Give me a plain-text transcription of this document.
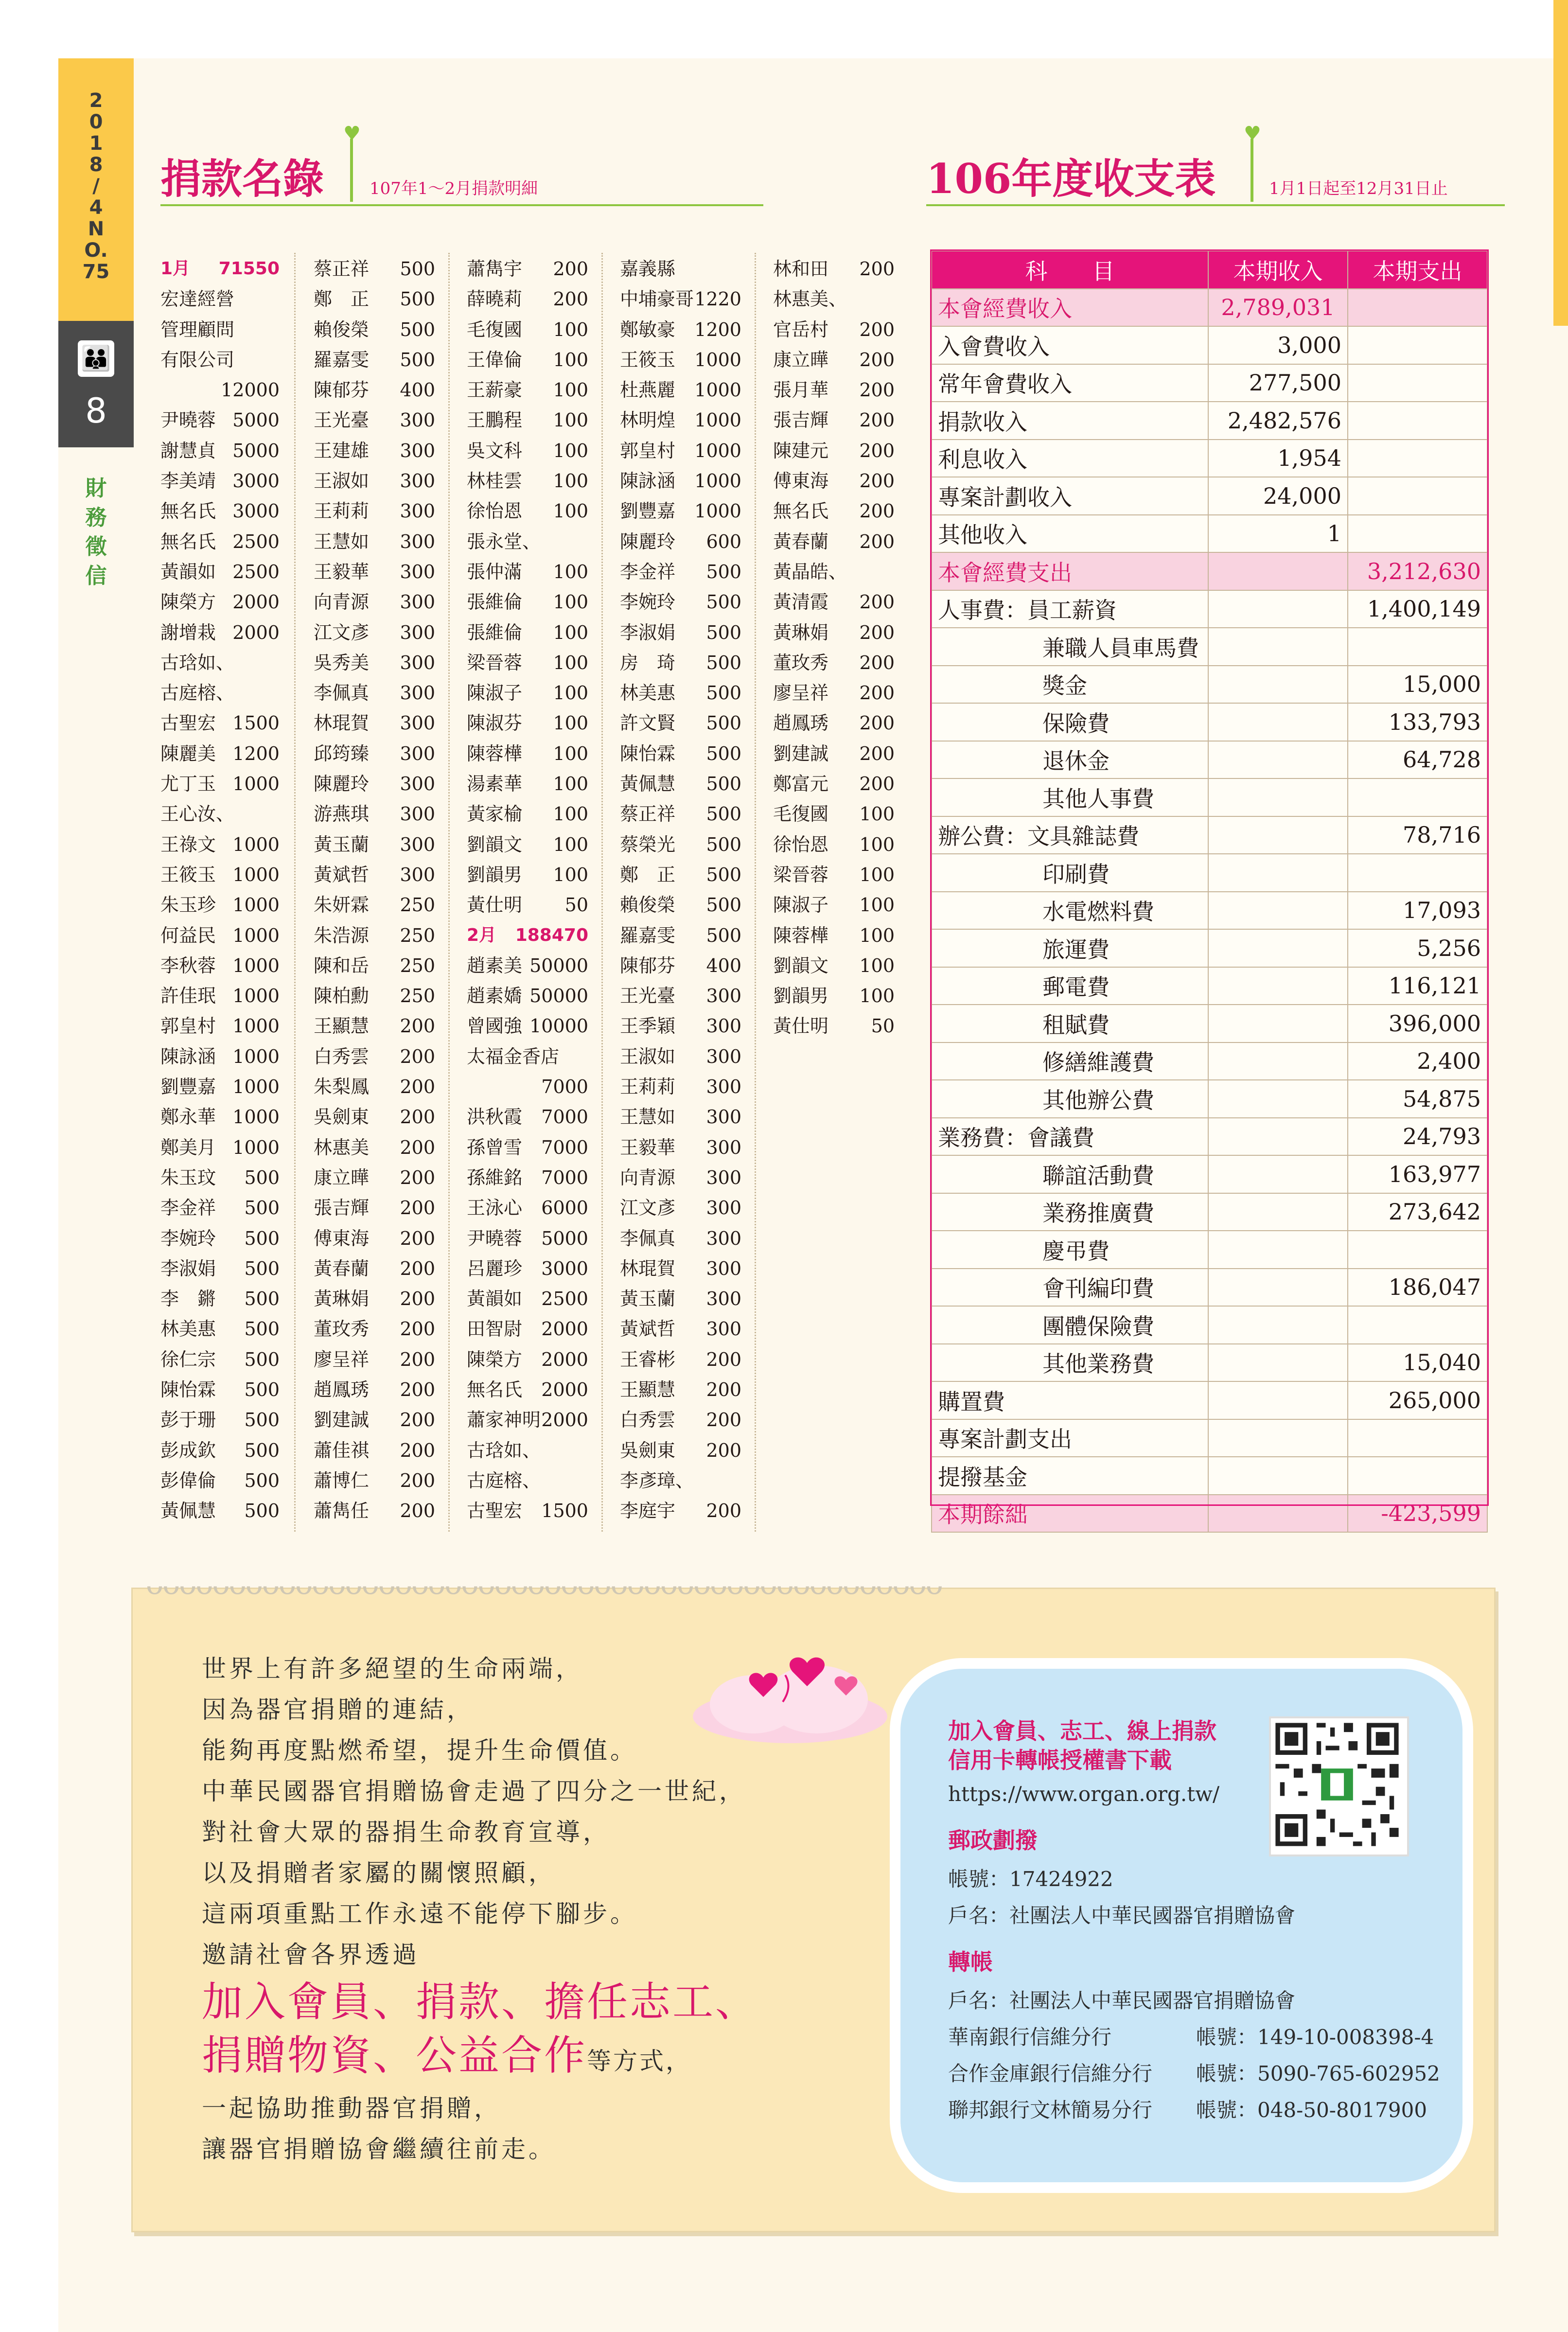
2
0
1
8
/
4
N
O.
75
👪
8
財
務
徵
信
捐款名錄
♥
107年1～2月捐款明細	106年度收支表
♥
1月1日起至12月31日止
1月 71550
宏達經營
管理顧問
有限公司
12000
尹曉蓉 5000
謝慧貞 5000
李美靖 3000
無名氏 3000
無名氏 2500
黃韻如 2500
陳榮方 2000
謝增栽 2000
古琀如、
古庭榕、
古聖宏 1500
陳麗美 1200
尤丁玉 1000
王心汝、
王祿文 1000
王筱玉 1000
朱玉珍 1000
何益民 1000
李秋蓉 1000
許佳珉 1000
郭皇村 1000
陳詠涵 1000
劉豐嘉 1000
鄭永華 1000
鄭美月 1000
朱玉玟 500
李金祥 500
李婉玲 500
李淑娟 500
李　鏘 500
林美惠 500
徐仁宗 500
陳怡霖 500
彭于珊 500
彭成欽 500
彭偉倫 500
黃佩慧 500
蔡正祥 500
鄭　正 500
賴俊榮 500
羅嘉雯 500
陳郁芬 400
王光臺 300
王建雄 300
王淑如 300
王莉莉 300
王慧如 300
王毅華 300
向青源 300
江文彥 300
吳秀美 300
李佩真 300
林琨賀 300
邱筠臻 300
陳麗玲 300
游燕琪 300
黃玉蘭 300
黃斌哲 300
朱妍霖 250
朱浩源 250
陳和岳 250
陳柏勳 250
王顯慧 200
白秀雲 200
朱梨鳳 200
吳劍東 200
林惠美 200
康立曄 200
張吉輝 200
傅東海 200
黃春蘭 200
黃琳娟 200
董玫秀 200
廖呈祥 200
趙鳳琇 200
劉建誠 200
蕭佳祺 200
蕭博仁 200
蕭雋任 200
蕭雋宇 200
薛曉莉 200
毛復國 100
王偉倫 100
王薪豪 100
王鵬程 100
吳文科 100
林桂雲 100
徐怡恩 100
張永堂、
張仲滿 100
張維倫 100
張維倫 100
梁晉蓉 100
陳淑子 100
陳淑芬 100
陳蓉樺 100
湯素華 100
黃家榆 100
劉韻文 100
劉韻男 100
黃仕明 50
2月 188470
趙素美 50000
趙素嬌 50000
曾國強 10000
太福金香店
7000
洪秋霞 7000
孫曾雪 7000
孫維銘 7000
王泳心 6000
尹曉蓉 5000
呂麗珍 3000
黃韻如 2500
田智尉 2000
陳榮方 2000
無名氏 2000
蕭家神明 2000
古琀如、
古庭榕、
古聖宏 1500
嘉義縣
中埔豪哥 1220
鄭敏豪 1200
王筱玉 1000
杜燕麗 1000
林明煌 1000
郭皇村 1000
陳詠涵 1000
劉豐嘉 1000
陳麗玲 600
李金祥 500
李婉玲 500
李淑娟 500
房　琦 500
林美惠 500
許文賢 500
陳怡霖 500
黃佩慧 500
蔡正祥 500
蔡榮光 500
鄭　正 500
賴俊榮 500
羅嘉雯 500
陳郁芬 400
王光臺 300
王季穎 300
王淑如 300
王莉莉 300
王慧如 300
王毅華 300
向青源 300
江文彥 300
李佩真 300
林琨賀 300
黃玉蘭 300
黃斌哲 300
王睿彬 200
王顯慧 200
白秀雲 200
吳劍東 200
李彥璋、
李庭宇 200
林和田 200
林惠美、
官岳村 200
康立曄 200
張月華 200
張吉輝 200
陳建元 200
傅東海 200
無名氏 200
黃春蘭 200
黃晶皓、
黃清霞 200
黃琳娟 200
董玫秀 200
廖呈祥 200
趙鳳琇 200
劉建誠 200
鄭富元 200
毛復國 100
徐怡恩 100
梁晉蓉 100
陳淑子 100
陳蓉樺 100
劉韻文 100
劉韻男 100
黃仕明 50
科　　目	本期收入	本期支出
本會經費收入	2,789,031	
入會費收入	3,000	
常年會費收入	277,500	
捐款收入	2,482,576	
利息收入	1,954	
專案計劃收入	24,000	
其他收入	1	
本會經費支出		3,212,630
人事費：員工薪資		1,400,149
兼職人員車馬費		
獎金		15,000
保險費		133,793
退休金		64,728
其他人事費		
辦公費：文具雜誌費		78,716
印刷費		
水電燃料費		17,093
旅運費		5,256
郵電費		116,121
租賦費		396,000
修繕維護費		2,400
其他辦公費		54,875
業務費：會議費		24,793
聯誼活動費		163,977
業務推廣費		273,642
慶弔費		
會刊編印費		186,047
團體保險費		
其他業務費		15,040
購置費		265,000
專案計劃支出		
提撥基金		
本期餘絀		-423,599
ᴗᴗᴗᴗᴗᴗᴗᴗᴗᴗᴗᴗᴗᴗᴗᴗᴗᴗᴗᴗᴗᴗᴗᴗᴗᴗᴗᴗᴗᴗᴗᴗᴗᴗᴗᴗᴗᴗᴗᴗᴗᴗᴗᴗᴗᴗᴗᴗ
世界上有許多絕望的生命兩端，
因為器官捐贈的連結，
能夠再度點燃希望，提升生命價值。
中華民國器官捐贈協會走過了四分之一世紀，
對社會大眾的器捐生命教育宣導，
以及捐贈者家屬的關懷照顧，
這兩項重點工作永遠不能停下腳步。
邀請社會各界透過
加入會員、捐款、擔任志工、
捐贈物資、公益合作等方式，
一起協助推動器官捐贈，
讓器官捐贈協會繼續往前走。
加入會員、志工、線上捐款
信用卡轉帳授權書下載
https://www.organ.org.tw/
郵政劃撥
帳號：17424922
戶名：社團法人中華民國器官捐贈協會
轉帳
戶名：社團法人中華民國器官捐贈協會
華南銀行信維分行	帳號：149-10-008398-4
合作金庫銀行信維分行 帳號：5090-765-602952
聯邦銀行文林簡易分行 帳號：048-50-8017900
